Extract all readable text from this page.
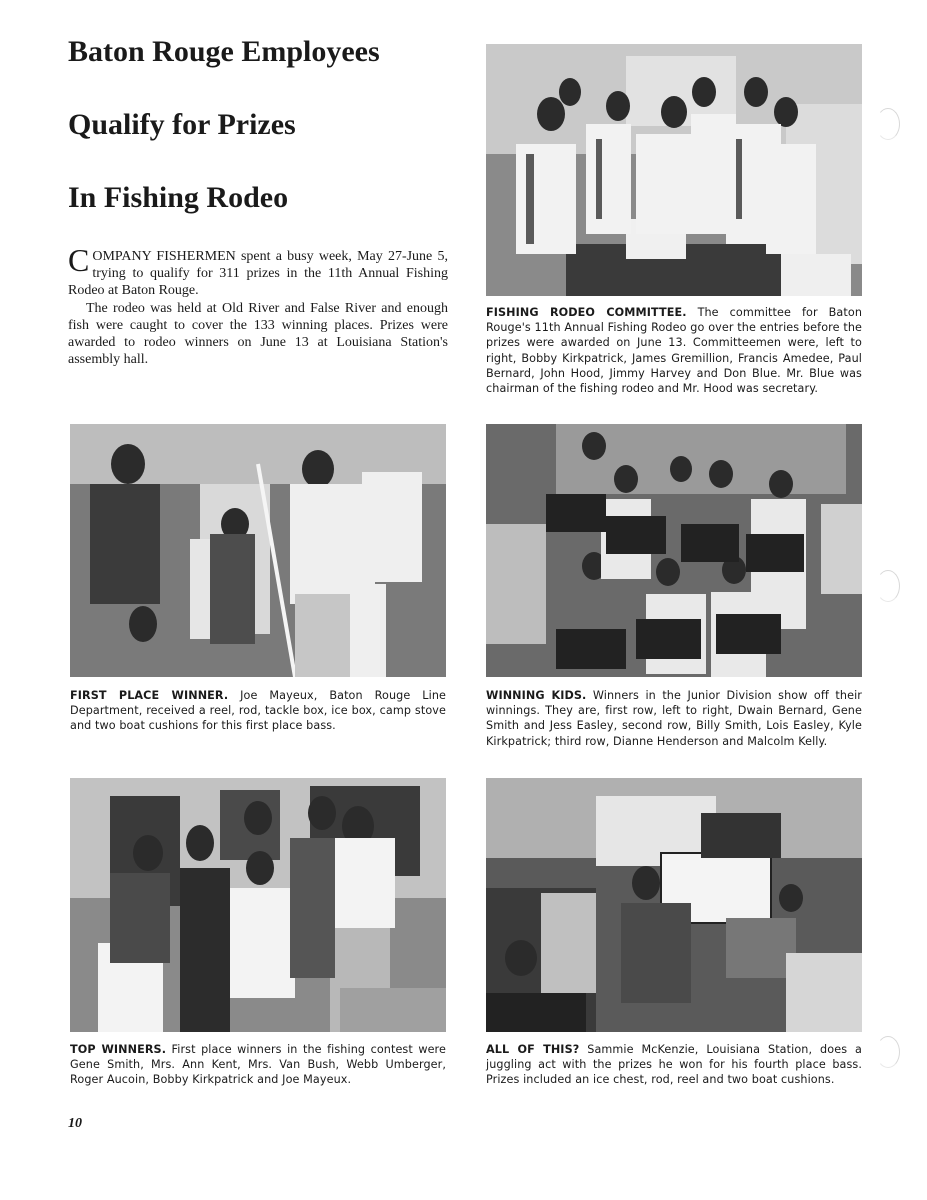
Baton Rouge Employees
Qualify for Prizes
In Fishing Rodeo

COMPANY FISHERMEN spent a busy week, May 27-June 5, trying to qualify for 311 prizes in the 11th Annual Fishing Rodeo at Baton Rouge.

The rodeo was held at Old River and False River and enough fish were caught to cover the 133 winning places. Prizes were awarded to rodeo winners on June 13 at Louisiana Station's assembly hall.

FISHING RODEO COMMITTEE. The committee for Baton Rouge's 11th Annual Fishing Rodeo go over the entries before the prizes were awarded on June 13. Committeemen were, left to right, Bobby Kirkpatrick, James Gremillion, Francis Amedee, Paul Bernard, John Hood, Jimmy Harvey and Don Blue. Mr. Blue was chairman of the fishing rodeo and Mr. Hood was secretary.

FIRST PLACE WINNER. Joe Mayeux, Baton Rouge Line Department, received a reel, rod, tackle box, ice box, camp stove and two boat cushions for this first place bass.

WINNING KIDS. Winners in the Junior Division show off their winnings. They are, first row, left to right, Dwain Bernard, Gene Smith and Jess Easley, second row, Billy Smith, Lois Easley, Kyle Kirkpatrick; third row, Dianne Henderson and Malcolm Kelly.

TOP WINNERS. First place winners in the fishing contest were Gene Smith, Mrs. Ann Kent, Mrs. Van Bush, Webb Umberger, Roger Aucoin, Bobby Kirkpatrick and Joe Mayeux.

ALL OF THIS? Sammie McKenzie, Louisiana Station, does a juggling act with the prizes he won for his fourth place bass. Prizes included an ice chest, rod, reel and two boat cushions.

10
